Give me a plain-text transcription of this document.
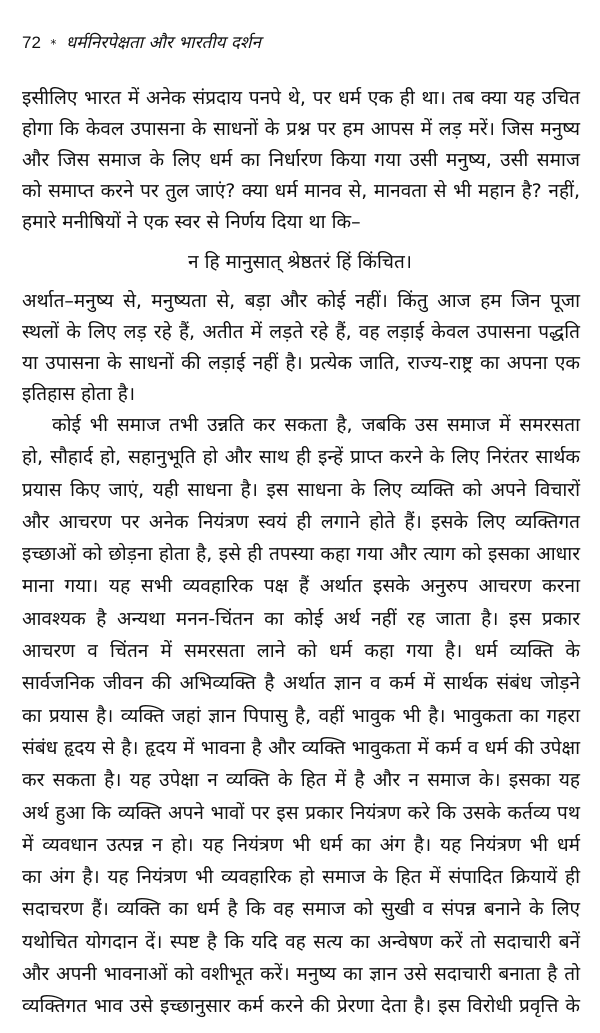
72 * धर्मनिरपेक्षता और भारतीय दर्शन
इसीलिए भारत में अनेक संप्रदाय पनपे थे, पर धर्म एक ही था। तब क्या यह उचित
होगा कि केवल उपासना के साधनों के प्रश्न पर हम आपस में लड़ मरें। जिस मनुष्य
और जिस समाज के लिए धर्म का निर्धारण किया गया उसी मनुष्य, उसी समाज
को समाप्त करने पर तुल जाएं? क्या धर्म मानव से, मानवता से भी महान है? नहीं,
हमारे मनीषियों ने एक स्वर से निर्णय दिया था कि–
न हि मानुसात् श्रेष्ठतरं हिं किंचित।
अर्थात–मनुष्य से, मनुष्यता से, बड़ा और कोई नहीं। किंतु आज हम जिन पूजा
स्थलों के लिए लड़ रहे हैं, अतीत में लड़ते रहे हैं, वह लड़ाई केवल उपासना पद्धति
या उपासना के साधनों की लड़ाई नहीं है। प्रत्येक जाति, राज्य-राष्ट्र का अपना एक
इतिहास होता है।
कोई भी समाज तभी उन्नति कर सकता है, जबकि उस समाज में समरसता
हो, सौहार्द हो, सहानुभूति हो और साथ ही इन्हें प्राप्त करने के लिए निरंतर सार्थक
प्रयास किए जाएं, यही साधना है। इस साधना के लिए व्यक्ति को अपने विचारों
और आचरण पर अनेक नियंत्रण स्वयं ही लगाने होते हैं। इसके लिए व्यक्तिगत
इच्छाओं को छोड़ना होता है, इसे ही तपस्या कहा गया और त्याग को इसका आधार
माना गया। यह सभी व्यवहारिक पक्ष हैं अर्थात इसके अनुरुप आचरण करना
आवश्यक है अन्यथा मनन-चिंतन का कोई अर्थ नहीं रह जाता है। इस प्रकार
आचरण व चिंतन में समरसता लाने को धर्म कहा गया है। धर्म व्यक्ति के
सार्वजनिक जीवन की अभिव्यक्ति है अर्थात ज्ञान व कर्म में सार्थक संबंध जोड़ने
का प्रयास है। व्यक्ति जहां ज्ञान पिपासु है, वहीं भावुक भी है। भावुकता का गहरा
संबंध हृदय से है। हृदय में भावना है और व्यक्ति भावुकता में कर्म व धर्म की उपेक्षा
कर सकता है। यह उपेक्षा न व्यक्ति के हित में है और न समाज के। इसका यह
अर्थ हुआ कि व्यक्ति अपने भावों पर इस प्रकार नियंत्रण करे कि उसके कर्तव्य पथ
में व्यवधान उत्पन्न न हो। यह नियंत्रण भी धर्म का अंग है। यह नियंत्रण भी धर्म
का अंग है। यह नियंत्रण भी व्यवहारिक हो समाज के हित में संपादित क्रियायें ही
सदाचरण हैं। व्यक्ति का धर्म है कि वह समाज को सुखी व संपन्न बनाने के लिए
यथोचित योगदान दें। स्पष्ट है कि यदि वह सत्य का अन्वेषण करें तो सदाचारी बनें
और अपनी भावनाओं को वशीभूत करें। मनुष्य का ज्ञान उसे सदाचारी बनाता है तो
व्यक्तिगत भाव उसे इच्छानुसार कर्म करने की प्रेरणा देता है। इस विरोधी प्रवृत्ति के
